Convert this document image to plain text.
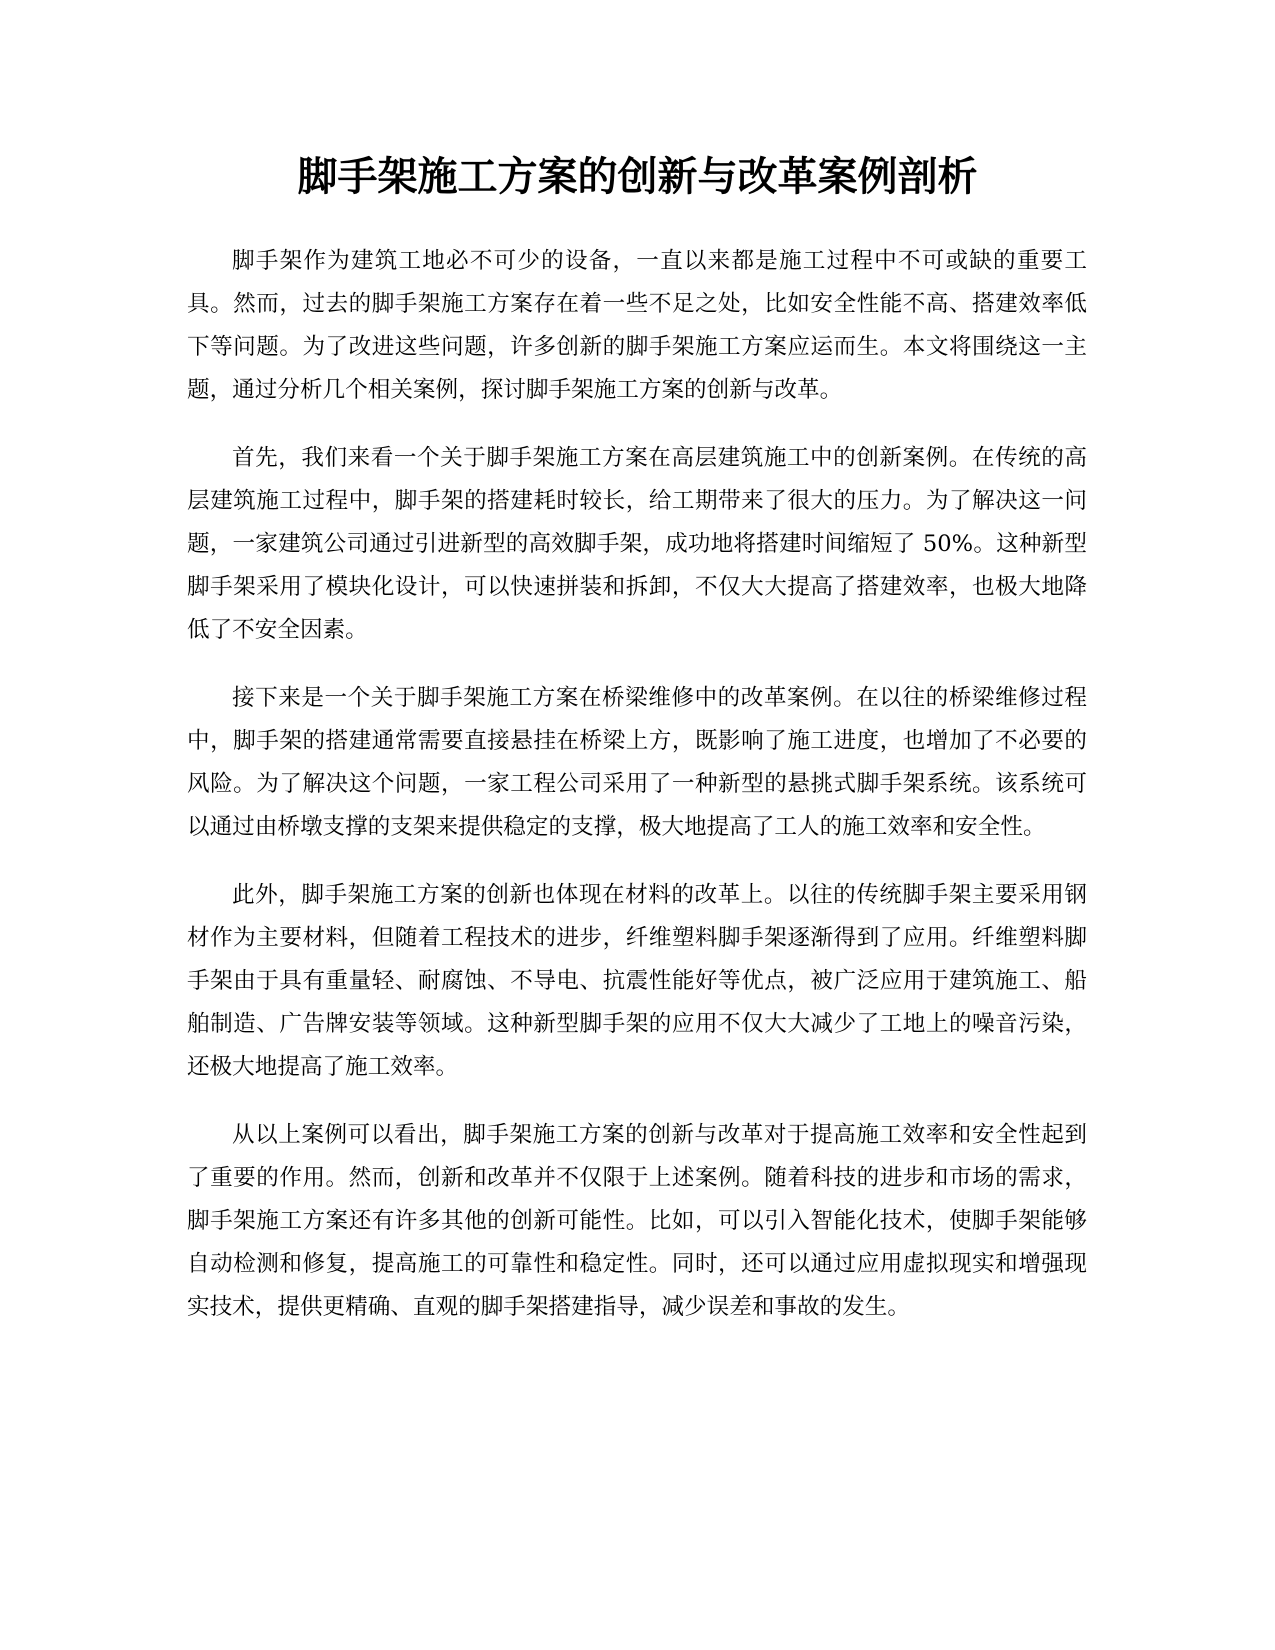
脚手架施工方案的创新与改革案例剖析

脚手架作为建筑工地必不可少的设备，一直以来都是施工过程中不可或缺的重要工具。然而，过去的脚手架施工方案存在着一些不足之处，比如安全性能不高、搭建效率低下等问题。为了改进这些问题，许多创新的脚手架施工方案应运而生。本文将围绕这一主题，通过分析几个相关案例，探讨脚手架施工方案的创新与改革。

首先，我们来看一个关于脚手架施工方案在高层建筑施工中的创新案例。在传统的高层建筑施工过程中，脚手架的搭建耗时较长，给工期带来了很大的压力。为了解决这一问题，一家建筑公司通过引进新型的高效脚手架，成功地将搭建时间缩短了 50%。这种新型脚手架采用了模块化设计，可以快速拼装和拆卸，不仅大大提高了搭建效率，也极大地降低了不安全因素。

接下来是一个关于脚手架施工方案在桥梁维修中的改革案例。在以往的桥梁维修过程中，脚手架的搭建通常需要直接悬挂在桥梁上方，既影响了施工进度，也增加了不必要的风险。为了解决这个问题，一家工程公司采用了一种新型的悬挑式脚手架系统。该系统可以通过由桥墩支撑的支架来提供稳定的支撑，极大地提高了工人的施工效率和安全性。

此外，脚手架施工方案的创新也体现在材料的改革上。以往的传统脚手架主要采用钢材作为主要材料，但随着工程技术的进步，纤维塑料脚手架逐渐得到了应用。纤维塑料脚手架由于具有重量轻、耐腐蚀、不导电、抗震性能好等优点，被广泛应用于建筑施工、船舶制造、广告牌安装等领域。这种新型脚手架的应用不仅大大减少了工地上的噪音污染，还极大地提高了施工效率。

从以上案例可以看出，脚手架施工方案的创新与改革对于提高施工效率和安全性起到了重要的作用。然而，创新和改革并不仅限于上述案例。随着科技的进步和市场的需求，脚手架施工方案还有许多其他的创新可能性。比如，可以引入智能化技术，使脚手架能够自动检测和修复，提高施工的可靠性和稳定性。同时，还可以通过应用虚拟现实和增强现实技术，提供更精确、直观的脚手架搭建指导，减少误差和事故的发生。
